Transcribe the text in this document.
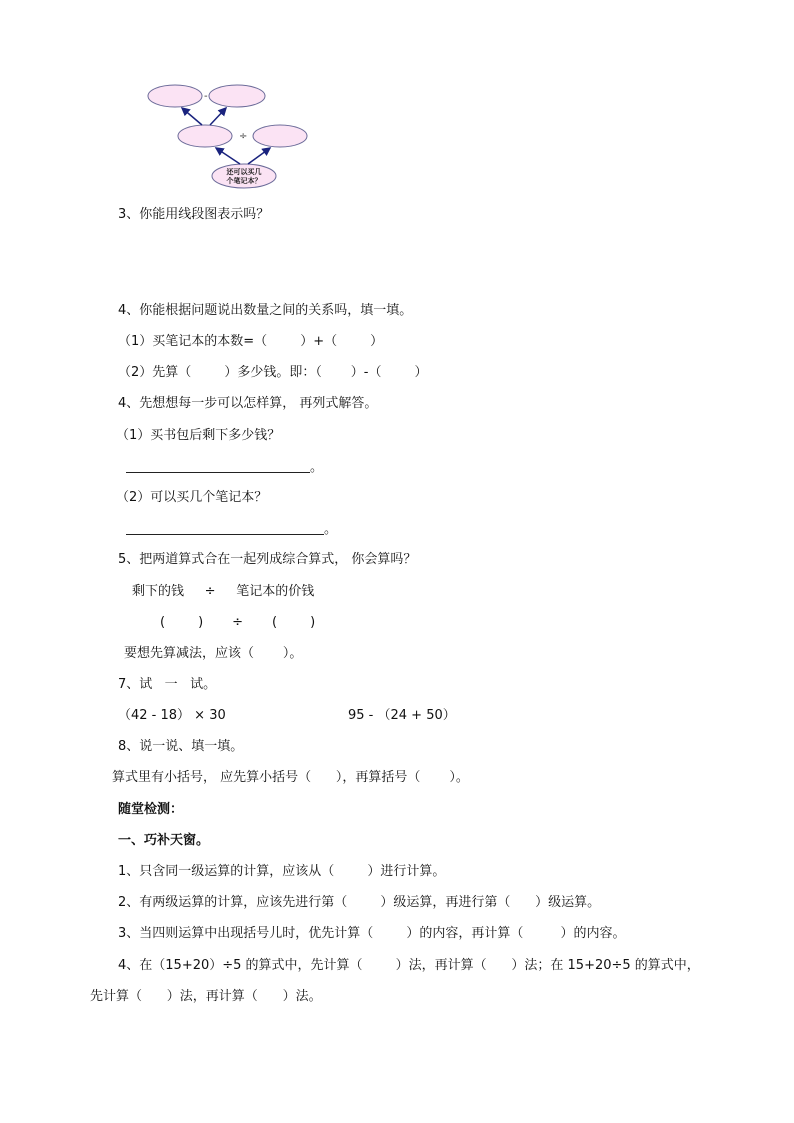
-
÷
还可以买几
个笔记本？
3、你能用线段图表示吗？
4、你能根据问题说出数量之间的关系吗，填一填。
（1）买笔记本的本数=（        ）+（        ）
（2）先算（        ）多少钱。即：（       ）-（        ）
4、先想想每一步可以怎样算， 再列式解答。
（1）买书包后剩下多少钱？
。
（2）可以买几个笔记本？
。
5、把两道算式合在一起列成综合算式， 你会算吗？
剩下的钱     ÷     笔记本的价钱
(        )       ÷       (        )
要想先算减法，应该（       ）。
7、试   一   试。
（42 - 18） × 30	95 - （24 + 50）
8、说一说、填一填。
算式里有小括号， 应先算小括号（      ），再算括号（       ）。
随堂检测：
一、巧补天窗。
1、只含同一级运算的计算，应该从（        ）进行计算。
2、有两级运算的计算，应该先进行第（        ）级运算，再进行第（      ）级运算。
3、当四则运算中出现括号儿时，优先计算（        ）的内容，再计算（         ）的内容。
4、在（15+20）÷5 的算式中，先计算（        ）法，再计算（      ）法；在 15+20÷5 的算式中，
先计算（      ）法，再计算（      ）法。
